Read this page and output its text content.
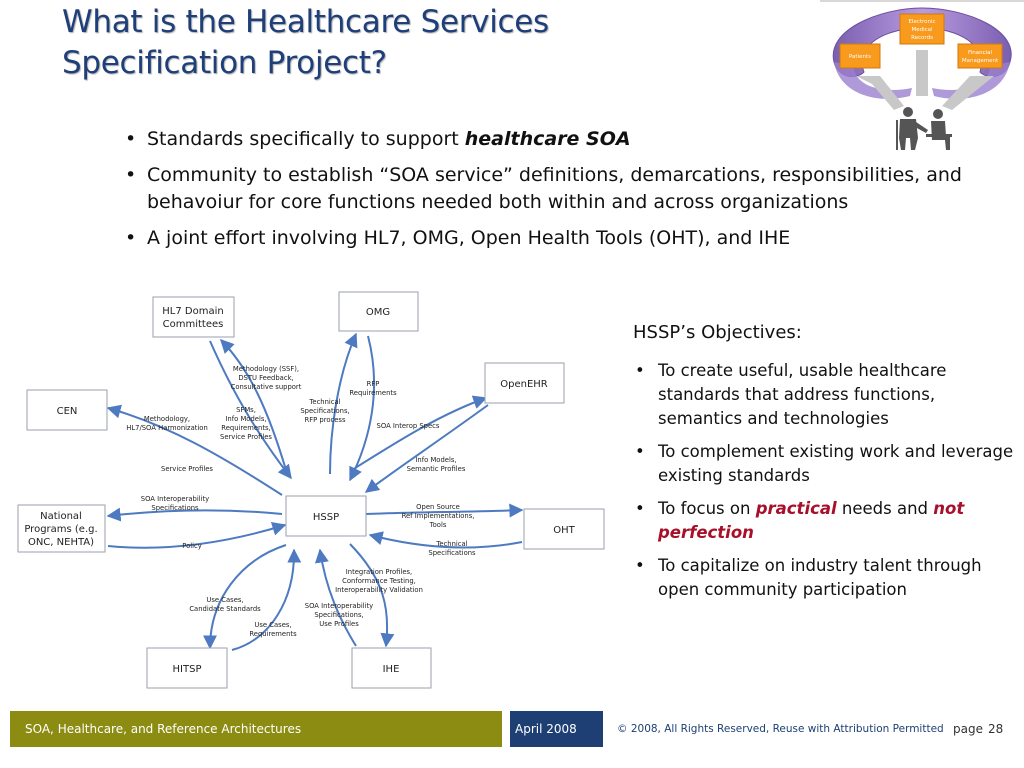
What is the Healthcare Services
Specification Project?
Electronic
Medical
Records
Patients
Financial
Management
• Standards specifically to support healthcare SOA
• Community to establish “SOA service” definitions, demarcations, responsibilities, and behavoiur for core functions needed both within and across organizations
• A joint effort involving HL7, OMG, Open Health Tools (OHT), and IHE
HL7 Domain
Committees
OMG
OpenEHR
CEN
National
Programs (e.g.
ONC, NEHTA)
HSSP
OHT
HITSP	IHE
Methodology (SSF),
DSTU Feedback,
Consultative support	RFP
Requirements
Technical
Specifications,
RFP process
SFMs,
Info Models,
Requirements,
Service Profiles
Methodology,
HL7/SOA Harmonization	SOA Interop Specs
Info Models,
Semantic Profiles
Service Profiles
SOA Interoperability
Specifications	Open Source
Ref Implementations,
Tools
Policy	Technical
Specifications
Integration Profiles,
Conformance Testing,
Interoperability Validation
Use Cases,
Candidate Standards	SOA Interoperability
Specifications,
Use Profiles
Use Cases,
Requirements
HSSP’s Objectives:
• To create useful, usable healthcare standards that address functions, semantics and technologies
• To complement existing work and leverage existing standards
• To focus on practical needs and not
perfection
• To capitalize on industry talent through open community participation
SOA, Healthcare, and Reference Architectures	April 2008	© 2008, All Rights Reserved, Reuse with Attribution Permitted page 28
